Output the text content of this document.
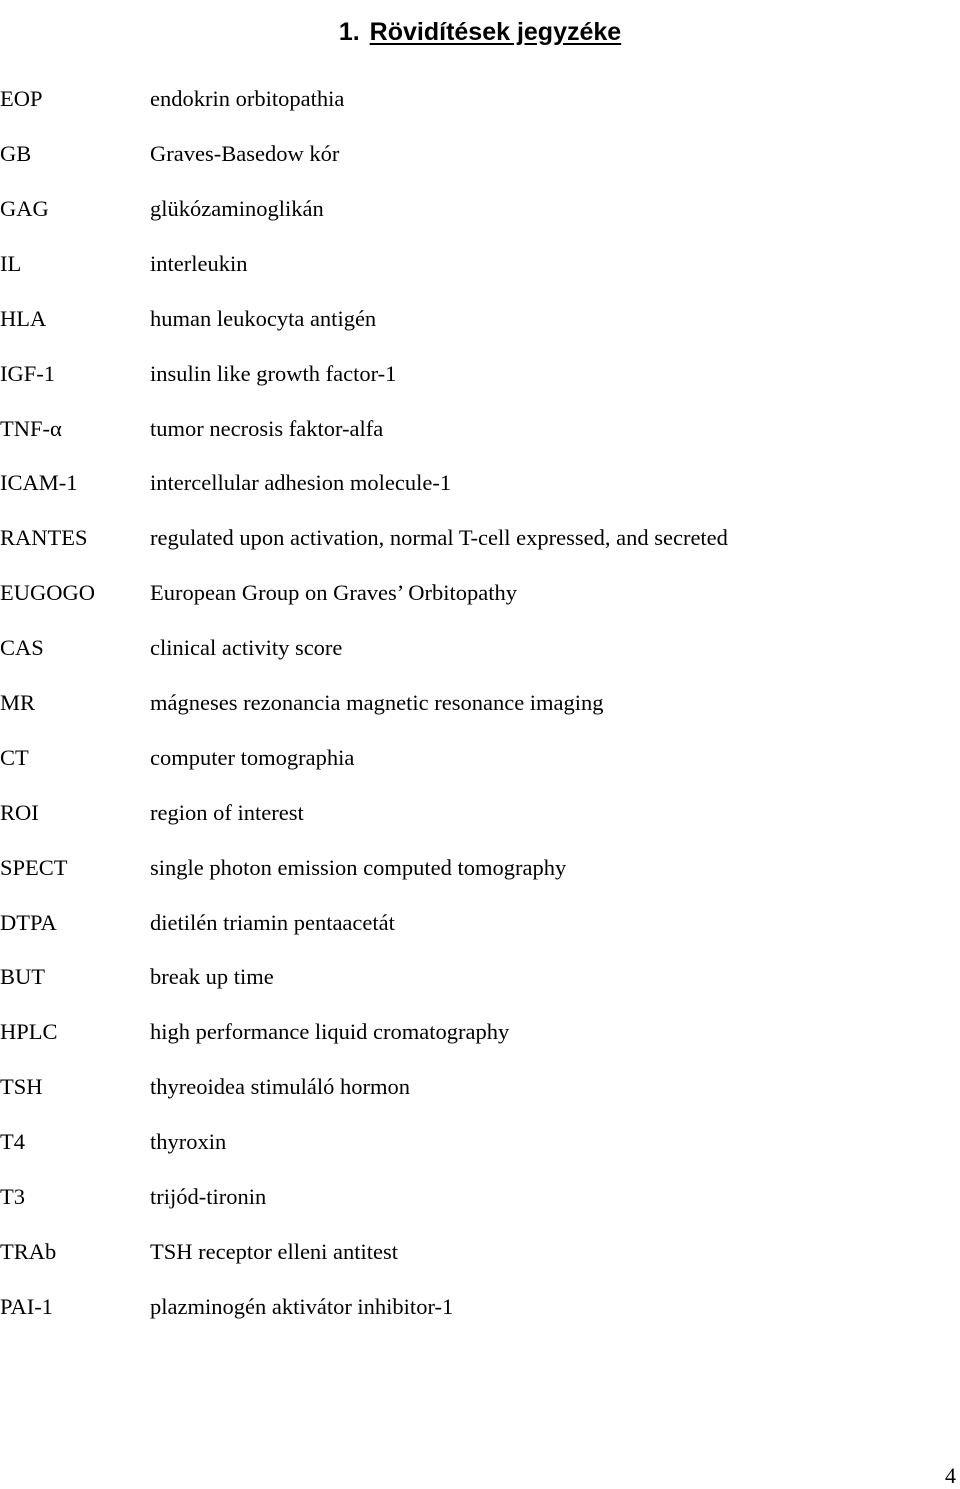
1. Rövidítések jegyzéke
EOP	endokrin orbitopathia
GB	Graves-Basedow kór
GAG	glükózaminoglikán
IL	interleukin
HLA	human leukocyta antigén
IGF-1	insulin like growth factor-1
TNF-α	tumor necrosis faktor-alfa
ICAM-1	intercellular adhesion molecule-1
RANTES	regulated upon activation, normal T-cell expressed, and secreted
EUGOGO	European Group on Graves’ Orbitopathy
CAS	clinical activity score
MR	mágneses rezonancia magnetic resonance imaging
CT	computer tomographia
ROI	region of interest
SPECT	single photon emission computed tomography
DTPA	dietilén triamin pentaacetát
BUT	break up time
HPLC	high performance liquid cromatography
TSH	thyreoidea stimuláló hormon
T4	thyroxin
T3	trijód-tironin
TRAb	TSH receptor elleni antitest
PAI-1	plazminogén aktivátor inhibitor-1
4
